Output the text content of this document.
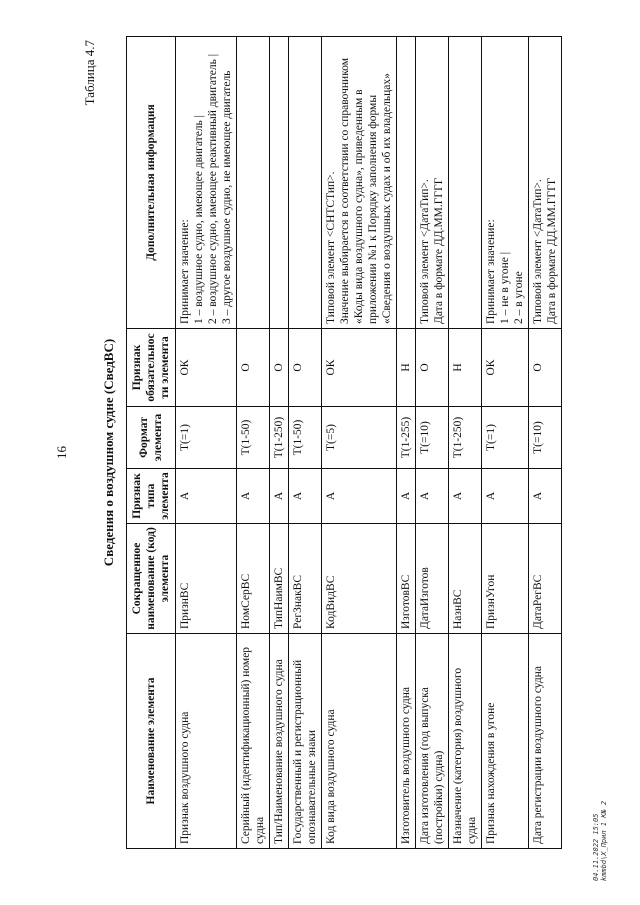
16
Таблица 4.7
Сведения о воздушном судне (СведВС)
Наименование элемента	Сокращенное наименование (код) элемента	Признак типа элемента	Формат элемента	Признак обязательности элемента	Дополнительная информация
Признак воздушного судна	ПризнВС	А	Т(=1)	ОК	Принимает значение: 1 – воздушное судно, имеющее двигатель | 2 – воздушное судно, имеющее реактивный двигатель | 3 – другое воздушное судно, не имеющее двигатель

Серийный (идентификационный) номер судна	НомСерВС	А	Т(1-50)	О	
Тип/Наименование воздушного судна	ТипНаимВС	А	Т(1-250)	О	
Государственный и регистрационный опознавательные знаки	РегЗнакВС	А	Т(1-50)	О	
Код вида воздушного судна	КодВидВС	А	Т(=5)	ОК	Типовой элемент <СНТСТип>. Значение выбирается в соответствии со справочником «Коды вида воздушного судна», приведенным в приложении №1 к Порядку заполнения формы «Сведения о воздушных судах и об их владельцах»

Изготовитель воздушного судна	ИзготовВС	А	Т(1-255)	Н	
Дата изготовления (год выпуска (постройки) судна)	ДатаИзготов	А	Т(=10)	О	Типовой элемент <ДатаТип>. Дата в формате ДД.ММ.ГГГГ

Назначение (категория) воздушного судна	НазнВС	А	Т(1-250)	Н	
Признак нахождения в угоне	ПризнУгон	А	Т(=1)	ОК	Принимает значение: 1 – не в угоне | 2 – в угоне

Дата регистрации воздушного судна	ДатаРегВС	А	Т(=10)	О	Типовой элемент <ДатаТип>. Дата в формате ДД.ММ.ГГГГ
04.11.2022 15:05 kmmbd\Х_Прил 1 К№ 2
